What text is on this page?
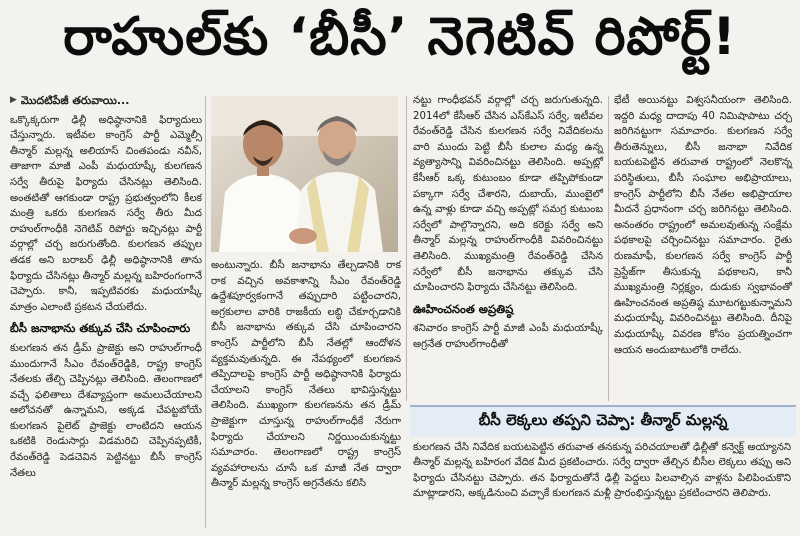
రాహుల్‌కు ‘బీసీ’ నెగెటివ్ రిపోర్ట్!
▶ మొదటిపేజీ తరువాయి...

ఒక్కొక్కరుగా ఢిల్లీ అధిష్ఠానానికి ఫిర్యాదులు చేస్తున్నారు. ఇటీవల కాంగ్రెస్ పార్టీ ఎమ్మెల్సీ తీన్మార్ మల్లన్న అలియాస్ చింతపండు నవీన్, తాజాగా మాజీ ఎంపీ మధుయాష్కీ కులగణన సర్వే తీరుపై ఫిర్యాదు చేసినట్లు తెలిసింది. అంతటితో ఆగకుండా రాష్ట్ర ప్రభుత్వంలోని కీలక మంత్రి ఒకరు కులగణన సర్వే తీరు మీద రాహుల్‌గాంధీకి నెగెటివ్ రిపోర్టు ఇచ్చినట్లు పార్టీ వర్గాల్లో చర్చ జరుగుతోంది. కులగణన తప్పుల తడక అని బరాబర్ ఢిల్లీ అధిష్ఠానానికి తాను ఫిర్యాదు చేసినట్లు తీన్మార్ మల్లన్న బహిరంగంగానే చెప్పారు. కానీ, ఇప్పటివరకు మధుయాష్కీ మాత్రం ఎలాంటి ప్రకటన చేయలేదు.

బీసీ జనాభాను తక్కువ చేసి చూపించారు

కులగణన తన డ్రీమ్ ప్రాజెక్టు అని రాహుల్‌గాంధీ ముందుగానే సీఎం రేవంత్‌రెడ్డికి, రాష్ట్ర కాంగ్రెస్ నేతలకు తేల్చి చెప్పినట్లు తెలిసింది. తెలంగాణలో వచ్చే ఫలితాలు దేశవ్యాప్తంగా అమలుచేయాలని ఆలోచనతో ఉన్నామని, అక్కడ చేపట్టబోయే కులగణన పైలెట్ ప్రాజెక్టు లాంటిదని ఆయన ఒకటికి రెండుసార్లు విడమరిచి చెప్పినప్పటికీ, రేవంత్‌రెడ్డి పెడచెవిన పెట్టినట్టు బీసీ కాంగ్రెస్ నేతలు

అంటున్నారు. బీసీ జనాభాను తేల్చడానికి రాక రాక వచ్చిన అవకాశాన్ని సీఎం రేవంత్‌రెడ్డి ఉద్దేశపూర్వకంగానే తప్పుదారి పట్టించారని, అగ్రకులాల వారికి రాజకీయ లబ్ధి చేకూర్చడానికి బీసీ జనాభాను తక్కువ చేసి చూపించారని కాంగ్రెస్ పార్టీలోని బీసీ నేతల్లో ఆందోళన వ్యక్తమవుతున్నది. ఈ నేపథ్యంలో కులగణన తప్పిదాలపై కాంగ్రెస్ పార్టీ అధిష్ఠానానికి ఫిర్యాదు చేయాలని కాంగ్రెస్ నేతలు భావిస్తున్నట్టు తెలిసింది. ముఖ్యంగా కులగణనను తన డ్రీమ్ ప్రాజెక్టుగా చూస్తున్న రాహుల్‌గాంధీకే నేరుగా ఫిర్యాదు చేయాలని నిర్ణయించుకున్నట్టు సమాచారం. తెలంగాణలో రాష్ట్ర కాంగ్రెస్ వ్యవహారాలను చూసే ఒక మాజీ నేత ద్వారా తీన్మార్ మల్లన్న కాంగ్రెస్ అగ్రనేతను కలిసి

నట్టు గాంధీభవన్ వర్గాల్లో చర్చ జరుగుతున్నది. 2014లో కేసీఆర్ చేసిన ఎస్‌కేఎస్ సర్వే, ఇటీవల రేవంత్‌రెడ్డి చేసిన కులగణన సర్వే నివేదికలను వారి ముందు పెట్టి బీసీ కులాల మధ్య ఉన్న వ్యత్యాసాన్ని వివరించినట్టు తెలిసింది. అప్పట్లో కేసీఆర్ ఒక్క కుటుంబం కూడా తప్పిపోకుండా పక్కాగా సర్వే చేశారని, దుబాయ్, ముంబైలో ఉన్న వాళ్లు కూడా వచ్చి అప్పట్లో సమగ్ర కుటుంబ సర్వేలో పాల్గొన్నారని, అది కరెక్టు సర్వే అని తీన్మార్ మల్లన్న రాహుల్‌గాంధీకి వివరించినట్టు తెలిసింది. ముఖ్యమంత్రి రేవంత్‌రెడ్డి చేసిన సర్వేలో బీసీ జనాభాను తక్కువ చేసి చూపించారని ఫిర్యాదు చేసినట్టు తెలిసింది.

ఊహించనంత అప్రతిష్ఠ

శనివారం కాంగ్రెస్ పార్టీ మాజీ ఎంపీ మధుయాష్కీ అగ్రనేత రాహుల్‌గాంధీతో

భేటీ అయినట్టు విశ్వసనీయంగా తెలిసింది. ఇద్దరి మధ్య దాదాపు 40 నిమిషాపాటు చర్చ జరిగినట్టుగా సమాచారం. కులగణన సర్వే తీరుతెన్నులు, బీసీ జనాభా నివేదిక బయటపెట్టిన తరువాత రాష్ట్రంలో నెలకొన్న పరిస్థితులు, బీసీ సంఘాల అభిప్రాయాలు, కాంగ్రెస్ పార్టీలోని బీసీ నేతల అభిప్రాయాల మీదనే ప్రధానంగా చర్చ జరిగినట్టు తెలిసింది. అనంతరం రాష్ట్రంలో అమలవుతున్న సంక్షేమ పథకాలపై చర్చించినట్టు సమాచారం. రైతు రుణమాఫీ, కులగణన సర్వే కాంగ్రెస్ పార్టీ ప్రెస్టేజ్‌గా తీసుకున్న పథకాలని, కానీ ముఖ్యమంత్రి నిర్లక్ష్యం, దుడుకు స్వభావంతో ఊహించనంత అప్రతిష్ఠ మూటగట్టుకున్నామని మధుయాష్కీ వివరించినట్టు తెలిసింది. దీనిపై మధుయాష్కీ వివరణ కోసం ప్రయత్నించగా ఆయన అందుబాటులోకి రాలేదు.

బీసీ లెక్కలు తప్పని చెప్పా: తీన్మార్ మల్లన్న

కులగణన చేసి నివేదిక బయటపెట్టిన తరువాత తనకున్న పరిచయాలతో ఢిల్లీతో కన్వెక్ట్ అయ్యానని తీన్మార్ మల్లన్న బహిరంగ వేదిక మీద ప్రకటించారు. సర్వే ద్వారా తేల్చిన బీసీల లెక్కలు తప్పు అని ఫిర్యాదు చేసినట్టు చెప్పారు. తన ఫిర్యాదుతోనే ఢిల్లీ పెద్దలు పిలవాల్సిన వాళ్లను పిలిపించుకొని మాట్లాడారని, అక్కడినుంచి వచ్చాకే కులగణన మళ్లీ ప్రారంభిస్తున్నట్టు ప్రకటించారని తెలిపారు.
